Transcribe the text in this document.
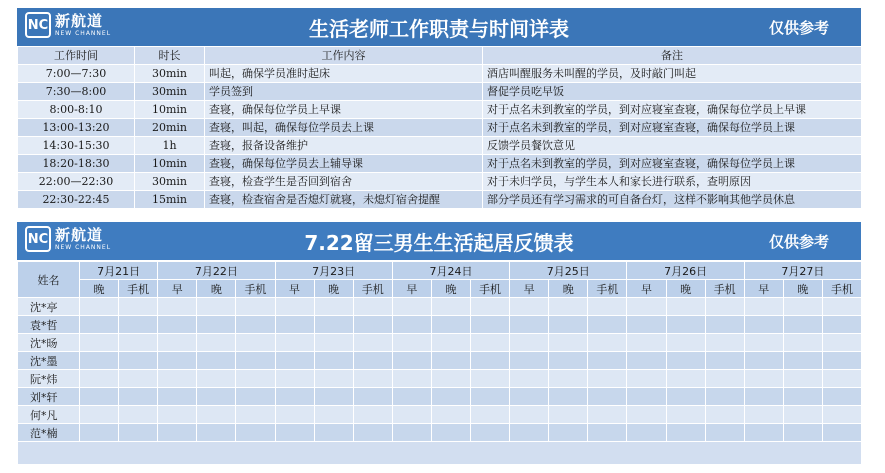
NC 新航道
NEW CHANNEL	生活老师工作职责与时间详表	仅供参考
工作时间	时长	工作内容	备注
7:00—7:30	30min	叫起，确保学员准时起床	酒店叫醒服务未叫醒的学员，及时敲门叫起
7:30—8:00	30min	学员签到	督促学员吃早饭
8:00-8:10	10min	查寝，确保每位学员上早课	对于点名未到教室的学员，到对应寝室查寝，确保每位学员上早课
13:00-13:20	20min	查寝，叫起，确保每位学员去上课	对于点名未到教室的学员，到对应寝室查寝，确保每位学员上课
14:30-15:30	1h	查寝，报备设备维护	反馈学员餐饮意见
18:20-18:30	10min	查寝，确保每位学员去上辅导课	对于点名未到教室的学员，到对应寝室查寝，确保每位学员上课
22:00—22:30	30min	查寝，检查学生是否回到宿舍	对于未归学员，与学生本人和家长进行联系，查明原因
22:30-22:45	15min	查寝，检查宿舍是否熄灯就寝，未熄灯宿舍提醒	部分学员还有学习需求的可自备台灯，这样不影响其他学员休息
NC 新航道
NEW CHANNEL	7.22留三男生生活起居反馈表	仅供参考
姓名	7月21日		7月22日			7月23日			7月24日			7月25日			7月26日			7月27日		
	晚	手机	早	晚	手机	早	晚	手机	早	晚	手机	早	晚	手机	早	晚	手机	早	晚	手机
沈*亭																				
袁*哲																				
沈*旸																				
沈*墨																				
阮*炜																				
刘*轩																				
何*凡																				
范*楠																				
